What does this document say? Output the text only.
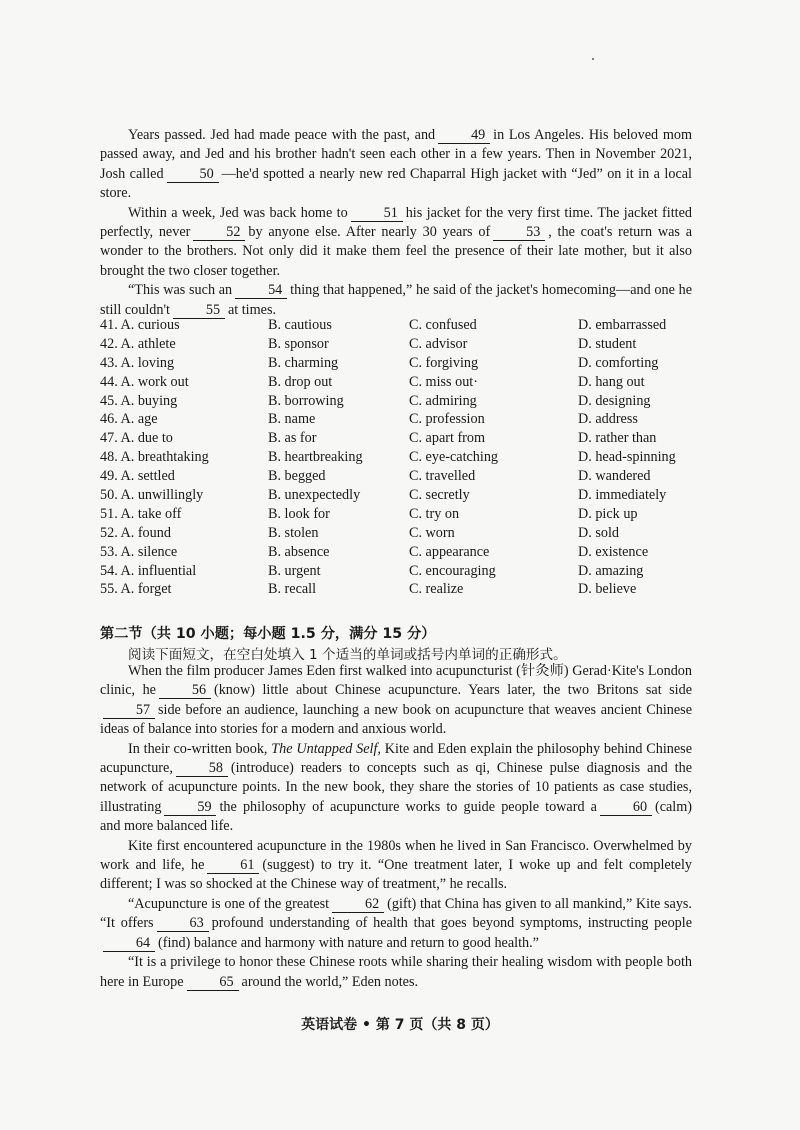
Years passed. Jed had made peace with the past, and	49 in Los Angeles. His beloved mom passed away, and Jed and his brother hadn't seen each other in a few years. Then in November 2021, Josh called	50 —he'd spotted a nearly new red Chaparral High jacket with “Jed” on it in a local store.

Within a week, Jed was back home to	51 his jacket for the very first time. The jacket fitted perfectly, never	52 by anyone else. After nearly 30 years of	53 , the coat's return was a wonder to the brothers. Not only did it make them feel the presence of their late mother, but it also brought the two closer together.

“This was such an	54 thing that happened,” he said of the jacket's homecoming—and one he still couldn't	55 at times.

41. A. curious	B. cautious	C. confused	D. embarrassed
42. A. athlete	B. sponsor	C. advisor	D. student
43. A. loving	B. charming	C. forgiving	D. comforting
44. A. work out	B. drop out	C. miss out·	D. hang out
45. A. buying	B. borrowing	C. admiring	D. designing
46. A. age	B. name	C. profession	D. address
47. A. due to	B. as for	C. apart from	D. rather than
48. A. breathtaking	B. heartbreaking	C. eye-catching	D. head-spinning
49. A. settled	B. begged	C. travelled	D. wandered
50. A. unwillingly	B. unexpectedly	C. secretly	D. immediately
51. A. take off	B. look for	C. try on	D. pick up
52. A. found	B. stolen	C. worn	D. sold
53. A. silence	B. absence	C. appearance	D. existence
54. A. influential	B. urgent	C. encouraging	D. amazing
55. A. forget	B. recall	C. realize	D. believe
第二节（共 10 小题；每小题 1.5 分，满分 15 分）
阅读下面短文，在空白处填入 1 个适当的单词或括号内单词的正确形式。

When the film producer James Eden first walked into acupuncturist (针灸师) Gerad·Kite's London clinic, he	56 (know) little about Chinese acupuncture. Years later, the two Britons sat side57 side before an audience, launching a new book on acupuncture that weaves ancient Chinese ideas of balance into stories for a modern and anxious world.

In their co-written book, The Untapped Self, Kite and Eden explain the philosophy behind Chinese acupuncture,	58 (introduce) readers to concepts such as qi, Chinese pulse diagnosis and the network of acupuncture points. In the new book, they share the stories of 10 patients as case studies, illustrating	59 the philosophy of acupuncture works to guide people toward a	60 (calm) and more balanced life.

Kite first encountered acupuncture in the 1980s when he lived in San Francisco. Overwhelmed by work and life, he	61 (suggest) to try it. “One treatment later, I woke up and felt completely different; I was so shocked at the Chinese way of treatment,” he recalls.

“Acupuncture is one of the greatest	62 (gift) that China has given to all mankind,” Kite says. “It offers	63 profound understanding of health that goes beyond symptoms, instructing people64 (find) balance and harmony with nature and return to good health.”

“It is a privilege to honor these Chinese roots while sharing their healing wisdom with people both here in Europe	65 around the world,” Eden notes.

英语试卷 • 第 7 页（共 8 页）
